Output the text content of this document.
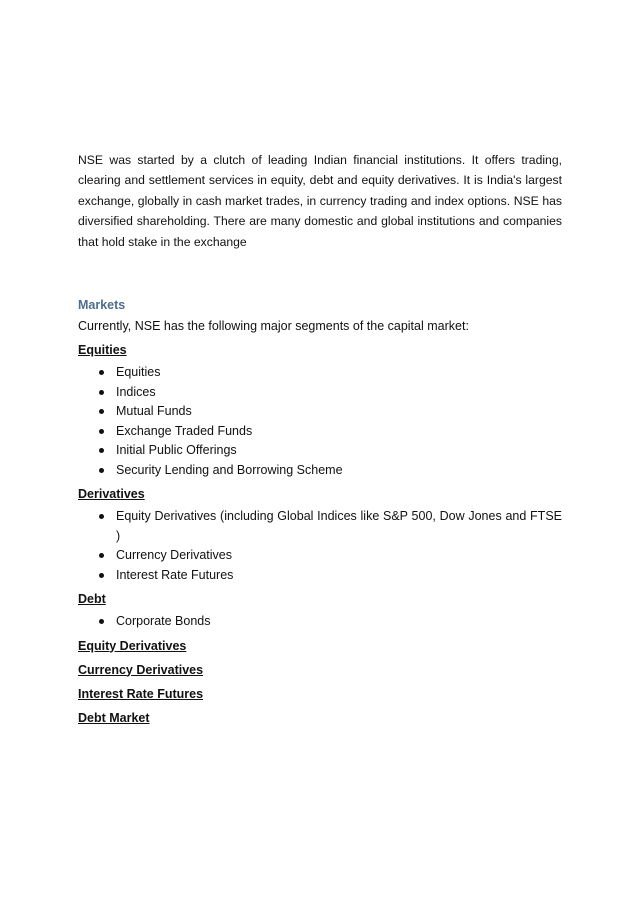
NSE was started by a clutch of leading Indian financial institutions. It offers trading, clearing and settlement services in equity, debt and equity derivatives. It is India's largest exchange, globally in cash market trades, in currency trading and index options. NSE has diversified shareholding. There are many domestic and global institutions and companies that hold stake in the exchange

Markets
Currently, NSE has the following major segments of the capital market:
Equities
Equities
Indices
Mutual Funds
Exchange Traded Funds
Initial Public Offerings
Security Lending and Borrowing Scheme
Derivatives
Equity Derivatives (including Global Indices like S&P 500, Dow Jones and FTSE )
Currency Derivatives
Interest Rate Futures
Debt
Corporate Bonds
Equity Derivatives
Currency Derivatives
Interest Rate Futures
Debt Market
